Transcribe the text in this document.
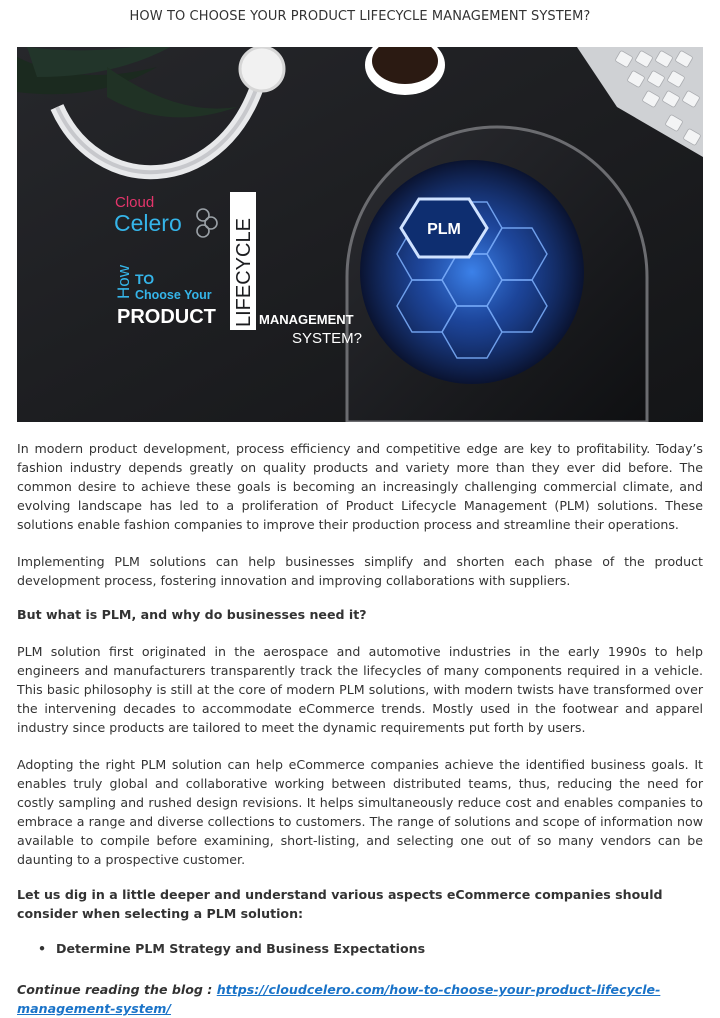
HOW TO CHOOSE YOUR PRODUCT LIFECYCLE MANAGEMENT SYSTEM?
PLM
Cloud
Celero
How TO
Choose Your
PRODUCT LIFECYCLE MANAGEMENT
SYSTEM?

In modern product development, process efficiency and competitive edge are key to profitability. Today’s fashion industry depends greatly on quality products and variety more than they ever did before. The common desire to achieve these goals is becoming an increasingly challenging commercial climate, and evolving landscape has led to a proliferation of Product Lifecycle Management (PLM) solutions. These solutions enable fashion companies to improve their production process and streamline their operations.

Implementing PLM solutions can help businesses simplify and shorten each phase of the product development process, fostering innovation and improving collaborations with suppliers.

But what is PLM, and why do businesses need it?

PLM solution first originated in the aerospace and automotive industries in the early 1990s to help engineers and manufacturers transparently track the lifecycles of many components required in a vehicle. This basic philosophy is still at the core of modern PLM solutions, with modern twists have transformed over the intervening decades to accommodate eCommerce trends. Mostly used in the footwear and apparel industry since products are tailored to meet the dynamic requirements put forth by users.

Adopting the right PLM solution can help eCommerce companies achieve the identified business goals. It enables truly global and collaborative working between distributed teams, thus, reducing the need for costly sampling and rushed design revisions. It helps simultaneously reduce cost and enables companies to embrace a range and diverse collections to customers. The range of solutions and scope of information now available to compile before examining, short-listing, and selecting one out of so many vendors can be daunting to a prospective customer.

Let us dig in a little deeper and understand various aspects eCommerce companies should consider when selecting a PLM solution:

• Determine PLM Strategy and Business Expectations

Continue reading the blog : https://cloudcelero.com/how-to-choose-your-product-lifecycle-management-system/
